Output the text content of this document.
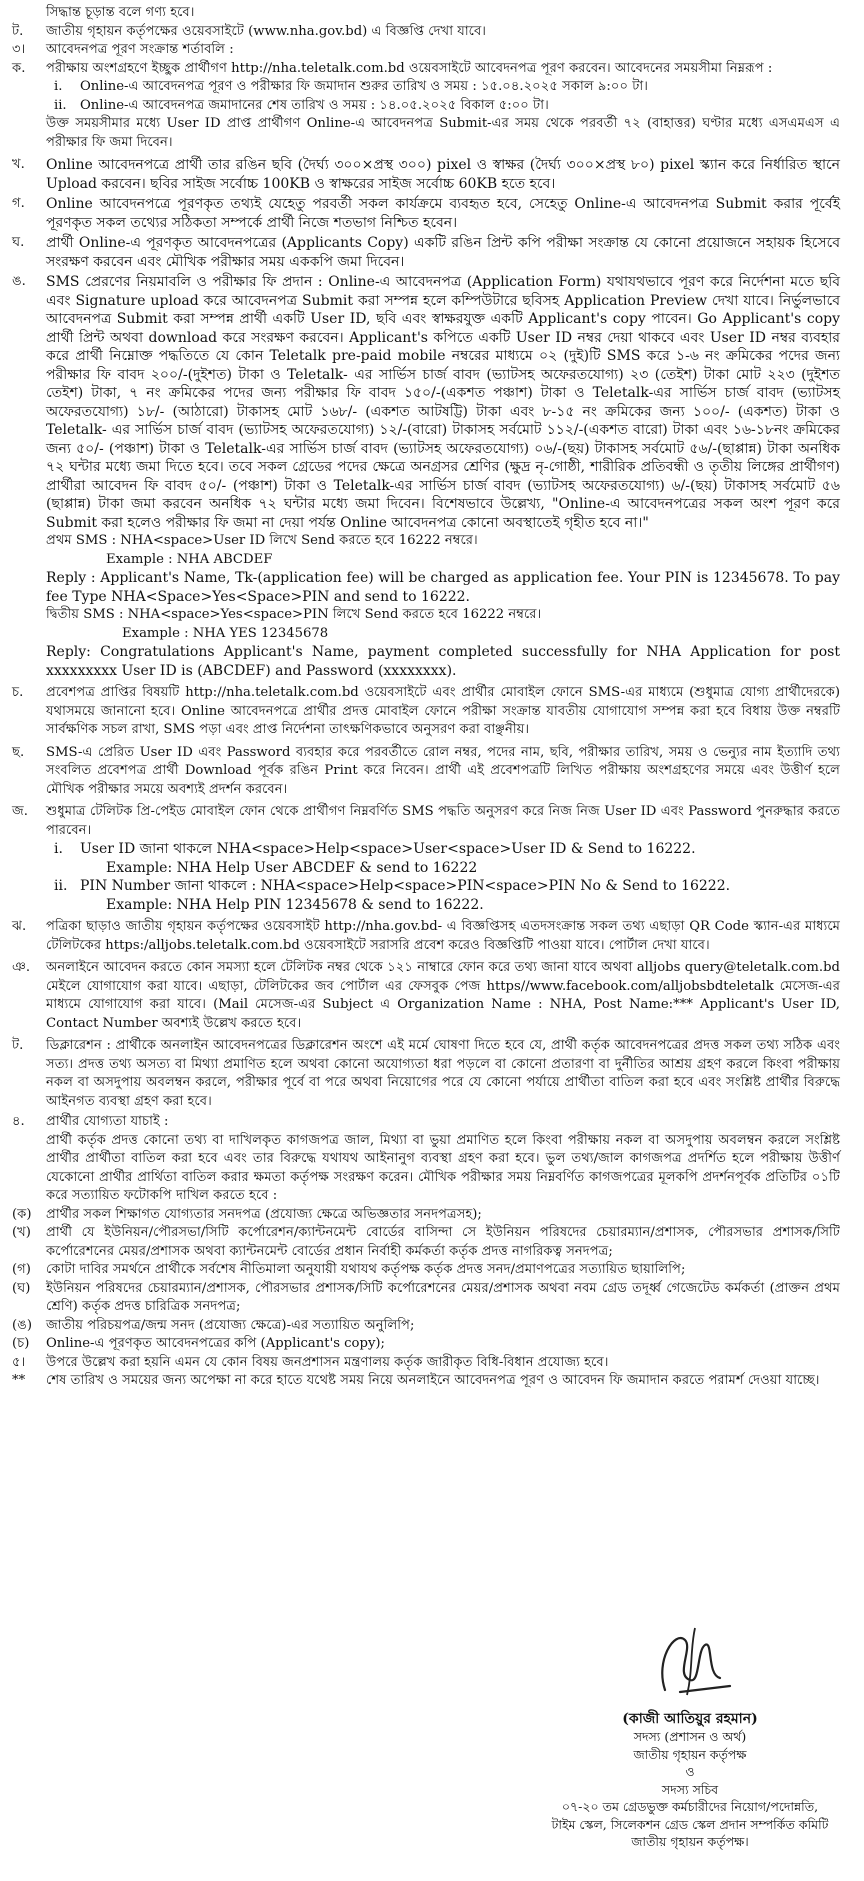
সিদ্ধান্ত চূড়ান্ত বলে গণ্য হবে।
ট.	জাতীয় গৃহায়ন কর্তৃপক্ষের ওয়েবসাইটে (www.nha.gov.bd) এ বিজ্ঞপ্তি দেখা যাবে।
৩।	আবেদনপত্র পূরণ সংক্রান্ত শর্তাবলি :
ক.	পরীক্ষায় অংশগ্রহণে ইচ্ছুক প্রার্থীগণ http://nha.teletalk.com.bd ওয়েবসাইটে আবেদনপত্র পূরণ করবেন। আবেদনের সময়সীমা নিম্নরূপ :
i.	Online-এ আবেদনপত্র পূরণ ও পরীক্ষার ফি জমাদান শুরুর তারিখ ও সময় : ১৫.০৪.২০২৫ সকাল ৯:০০ টা।
ii.	Online-এ আবেদনপত্র জমাদানের শেষ তারিখ ও সময় : ১৪.০৫.২০২৫ বিকাল ৫:০০ টা।
উক্ত সময়সীমার মধ্যে User ID প্রাপ্ত প্রার্থীগণ Online-এ আবেদনপত্র Submit-এর সময় থেকে পরবর্তী ৭২ (বাহাত্তর) ঘণ্টার মধ্যে এসএমএস এ পরীক্ষার ফি জমা দিবেন।
খ.	Online আবেদনপত্রে প্রার্থী তার রঙিন ছবি (দৈর্ঘ্য ৩০০×প্রস্থ ৩০০) pixel ও স্বাক্ষর (দৈর্ঘ্য ৩০০×প্রস্থ ৮০) pixel স্ক্যান করে নির্ধারিত স্থানে Upload করবেন। ছবির সাইজ সর্বোচ্চ 100KB ও স্বাক্ষরের সাইজ সর্বোচ্চ 60KB হতে হবে।
গ.	Online আবেদনপত্রে পূরণকৃত তথ্যই যেহেতু পরবর্তী সকল কার্যক্রমে ব্যবহৃত হবে, সেহেতু Online-এ আবেদনপত্র Submit করার পূর্বেই পূরণকৃত সকল তথ্যের সঠিকতা সম্পর্কে প্রার্থী নিজে শতভাগ নিশ্চিত হবেন।
ঘ.	প্রার্থী Online-এ পূরণকৃত আবেদনপত্রের (Applicants Copy) একটি রঙিন প্রিন্ট কপি পরীক্ষা সংক্রান্ত যে কোনো প্রয়োজনে সহায়ক হিসেবে সংরক্ষণ করবেন এবং মৌখিক পরীক্ষার সময় এককপি জমা দিবেন।
ঙ.	SMS প্রেরণের নিয়মাবলি ও পরীক্ষার ফি প্রদান : Online-এ আবেদনপত্র (Application Form) যথাযথভাবে পূরণ করে নির্দেশনা মতে ছবি এবং Signature upload করে আবেদনপত্র Submit করা সম্পন্ন হলে কম্পিউটারে ছবিসহ Application Preview দেখা যাবে। নির্ভুলভাবে আবেদনপত্র Submit করা সম্পন্ন প্রার্থী একটি User ID, ছবি এবং স্বাক্ষরযুক্ত একটি Applicant's copy পাবেন। Go Applicant's copy প্রার্থী প্রিন্ট অথবা download করে সংরক্ষণ করবেন। Applicant's কপিতে একটি User ID নম্বর দেয়া থাকবে এবং User ID নম্বর ব্যবহার করে প্রার্থী নিম্নোক্ত পদ্ধতিতে যে কোন Teletalk pre-paid mobile নম্বরের মাধ্যমে ০২ (দুই)টি SMS করে ১-৬ নং ক্রমিকের পদের জন্য পরীক্ষার ফি বাবদ ২০০/-(দুইশত) টাকা ও Teletalk- এর সার্ভিস চার্জ বাবদ (ভ্যাটসহ অফেরতযোগ্য) ২৩ (তেইশ) টাকা মোট ২২৩ (দুইশত তেইশ) টাকা, ৭ নং ক্রমিকের পদের জন্য পরীক্ষার ফি বাবদ ১৫০/-(একশত পঞ্চাশ) টাকা ও Teletalk-এর সার্ভিস চার্জ বাবদ (ভ্যাটসহ অফেরতযোগ্য) ১৮/- (আঠারো) টাকাসহ মোট ১৬৮/- (একশত আটষট্টি) টাকা এবং ৮-১৫ নং ক্রমিকের জন্য ১০০/- (একশত) টাকা ও Teletalk- এর সার্ভিস চার্জ বাবদ (ভ্যাটসহ অফেরতযোগ্য) ১২/-(বারো) টাকাসহ সর্বমোট ১১২/-(একশত বারো) টাকা এবং ১৬-১৮নং ক্রমিকের জন্য ৫০/- (পঞ্চাশ) টাকা ও Teletalk-এর সার্ভিস চার্জ বাবদ (ভ্যাটসহ অফেরতযোগ্য) ০৬/-(ছয়) টাকাসহ সর্বমোট ৫৬/-(ছাপ্পান্ন) টাকা অনধিক ৭২ ঘন্টার মধ্যে জমা দিতে হবে। তবে সকল গ্রেডের পদের ক্ষেত্রে অনগ্রসর শ্রেণির (ক্ষুদ্র নৃ-গোষ্ঠী, শারীরিক প্রতিবন্ধী ও তৃতীয় লিঙ্গের প্রার্থীগণ) প্রার্থীরা আবেদন ফি বাবদ ৫০/- (পঞ্চাশ) টাকা ও Teletalk-এর সার্ভিস চার্জ বাবদ (ভ্যাটসহ অফেরতযোগ্য) ৬/-(ছয়) টাকাসহ সর্বমোট ৫৬ (ছাপ্পান্ন) টাকা জমা করবেন অনধিক ৭২ ঘন্টার মধ্যে জমা দিবেন। বিশেষভাবে উল্লেখ্য, "Online-এ আবেদনপত্রের সকল অংশ পূরণ করে Submit করা হলেও পরীক্ষার ফি জমা না দেয়া পর্যন্ত Online আবেদনপত্র কোনো অবস্থাতেই গৃহীত হবে না।"
প্রথম SMS : NHA<space>User ID লিখে Send করতে হবে 16222 নম্বরে।
Example : NHA ABCDEF
Reply : Applicant's Name, Tk-(application fee) will be charged as application fee. Your PIN is 12345678. To pay fee Type NHA<Space>Yes<Space>PIN and send to 16222.
দ্বিতীয় SMS : NHA<space>Yes<space>PIN লিখে Send করতে হবে 16222 নম্বরে।
Example : NHA YES 12345678
Reply: Congratulations Applicant's Name, payment completed successfully for NHA Application for post xxxxxxxxx User ID is (ABCDEF) and Password (xxxxxxxx).
চ.	প্রবেশপত্র প্রাপ্তির বিষয়টি http://nha.teletalk.com.bd ওয়েবসাইটে এবং প্রার্থীর মোবাইল ফোনে SMS-এর মাধ্যমে (শুধুমাত্র যোগ্য প্রার্থীদেরকে) যথাসময়ে জানানো হবে। Online আবেদনপত্রে প্রার্থীর প্রদত্ত মোবাইল ফোনে পরীক্ষা সংক্রান্ত যাবতীয় যোগাযোগ সম্পন্ন করা হবে বিধায় উক্ত নম্বরটি সার্বক্ষণিক সচল রাখা, SMS পড়া এবং প্রাপ্ত নির্দেশনা তাৎক্ষণিকভাবে অনুসরণ করা বাঞ্ছনীয়।
ছ.	SMS-এ প্রেরিত User ID এবং Password ব্যবহার করে পরবর্তীতে রোল নম্বর, পদের নাম, ছবি, পরীক্ষার তারিখ, সময় ও ভেন্যুর নাম ইত্যাদি তথ্য সংবলিত প্রবেশপত্র প্রার্থী Download পূর্বক রঙিন Print করে নিবেন। প্রার্থী এই প্রবেশপত্রটি লিখিত পরীক্ষায় অংশগ্রহণের সময়ে এবং উত্তীর্ণ হলে মৌখিক পরীক্ষার সময়ে অবশ্যই প্রদর্শন করবেন।
জ.	শুধুমাত্র টেলিটক প্রি-পেইড মোবাইল ফোন থেকে প্রার্থীগণ নিম্নবর্ণিত SMS পদ্ধতি অনুসরণ করে নিজ নিজ User ID এবং Password পুনরুদ্ধার করতে পারবেন।
i.	User ID জানা থাকলে NHA<space>Help<space>User<space>User ID & Send to 16222.
Example: NHA Help User ABCDEF & send to 16222
ii. PIN Number জানা থাকলে : NHA<space>Help<space>PIN<space>PIN No & Send to 16222.
Example: NHA Help PIN 12345678 & send to 16222.
ঝ.	পত্রিকা ছাড়াও জাতীয় গৃহায়ন কর্তৃপক্ষের ওয়েবসাইট http://nha.gov.bd- এ বিজ্ঞপ্তিসহ এতদসংক্রান্ত সকল তথ্য এছাড়া QR Code স্ক্যান-এর মাধ্যমে টেলিটকের https:/alljobs.teletalk.com.bd ওয়েবসাইটে সরাসরি প্রবেশ করেও বিজ্ঞপ্তিটি পাওয়া যাবে। পোর্টাল দেখা যাবে।
ঞ.	অনলাইনে আবেদন করতে কোন সমস্যা হলে টেলিটক নম্বর থেকে ১২১ নাম্বারে ফোন করে তথ্য জানা যাবে অথবা alljobs query@teletalk.com.bd মেইলে যোগাযোগ করা যাবে। এছাড়া, টেলিটকের জব পোর্টাল এর ফেসবুক পেজ https//www.facebook.com/alljobsbdteletalk মেসেজ-এর মাধ্যমে যোগাযোগ করা যাবে। (Mail মেসেজ-এর Subject এ Organization Name : NHA, Post Name:*** Applicant's User ID, Contact Number অবশ্যই উল্লেখ করতে হবে।
ট.	ডিক্লারেশন : প্রার্থীকে অনলাইন আবেদনপত্রের ডিক্লারেশন অংশে এই মর্মে ঘোষণা দিতে হবে যে, প্রার্থী কর্তৃক আবেদনপত্রের প্রদত্ত সকল তথ্য সঠিক এবং সত্য। প্রদত্ত তথ্য অসত্য বা মিথ্যা প্রমাণিত হলে অথবা কোনো অযোগ্যতা ধরা পড়লে বা কোনো প্রতারণা বা দুর্নীতির আশ্রয় গ্রহণ করলে কিংবা পরীক্ষায় নকল বা অসদুপায় অবলম্বন করলে, পরীক্ষার পূর্বে বা পরে অথবা নিয়োগের পরে যে কোনো পর্যায়ে প্রার্থীতা বাতিল করা হবে এবং সংশ্লিষ্ট প্রার্থীর বিরুদ্ধে আইনগত ব্যবস্থা গ্রহণ করা হবে।
৪.	প্রার্থীর যোগ্যতা যাচাই :
প্রার্থী কর্তৃক প্রদত্ত কোনো তথ্য বা দাখিলকৃত কাগজপত্র জাল, মিথ্যা বা ভুয়া প্রমাণিত হলে কিংবা পরীক্ষায় নকল বা অসদুপায় অবলম্বন করলে সংশ্লিষ্ট প্রার্থীর প্রার্থীতা বাতিল করা হবে এবং তার বিরুদ্ধে যথাযথ আইনানুগ ব্যবস্থা গ্রহণ করা হবে। ভুল তথ্য/জাল কাগজপত্র প্রদর্শিত হলে পরীক্ষায় উত্তীর্ণ যেকোনো প্রার্থীর প্রার্থিতা বাতিল করার ক্ষমতা কর্তৃপক্ষ সংরক্ষণ করেন। মৌখিক পরীক্ষার সময় নিম্নবর্ণিত কাগজপত্রের মূলকপি প্রদর্শনপূর্বক প্রতিটির ০১টি করে সত্যায়িত ফটোকপি দাখিল করতে হবে :
(ক)	প্রার্থীর সকল শিক্ষাগত যোগ্যতার সনদপত্র (প্রযোজ্য ক্ষেত্রে অভিজ্ঞতার সনদপত্রসহ);
(খ)	প্রার্থী যে ইউনিয়ন/পৌরসভা/সিটি কর্পোরেশন/ক্যান্টনমেন্ট বোর্ডের বাসিন্দা সে ইউনিয়ন পরিষদের চেয়ারম্যান/প্রশাসক, পৌরসভার প্রশাসক/সিটি কর্পোরেশনের মেয়র/প্রশাসক অথবা ক্যান্টনমেন্ট বোর্ডের প্রধান নির্বাহী কর্মকর্তা কর্তৃক প্রদত্ত নাগরিকত্ব সনদপত্র;
(গ)	কোটা দাবির সমর্থনে প্রার্থীকে সর্বশেষ নীতিমালা অনুযায়ী যথাযথ কর্তৃপক্ষ কর্তৃক প্রদত্ত সনদ/প্রমাণপত্রের সত্যায়িত ছায়ালিপি;
(ঘ)	ইউনিয়ন পরিষদের চেয়ারম্যান/প্রশাসক, পৌরসভার প্রশাসক/সিটি কর্পোরেশনের মেয়র/প্রশাসক অথবা নবম গ্রেড তদূর্ধ্ব গেজেটেড কর্মকর্তা (প্রাক্তন প্রথম শ্রেণি) কর্তৃক প্রদত্ত চারিত্রিক সনদপত্র;
(ঙ)	জাতীয় পরিচয়পত্র/জন্ম সনদ (প্রযোজ্য ক্ষেত্রে)-এর সত্যায়িত অনুলিপি;
(চ)	Online-এ পূরণকৃত আবেদনপত্রের কপি (Applicant's copy);
৫।	উপরে উল্লেখ করা হয়নি এমন যে কোন বিষয় জনপ্রশাসন মন্ত্রণালয় কর্তৃক জারীকৃত বিধি-বিধান প্রযোজ্য হবে।
**	শেষ তারিখ ও সময়ের জন্য অপেক্ষা না করে হাতে যথেষ্ট সময় নিয়ে অনলাইনে আবেদনপত্র পূরণ ও আবেদন ফি জমাদান করতে পরামর্শ দেওয়া যাচ্ছে।
(কাজী আতিয়ুর রহমান)
সদস্য (প্রশাসন ও অর্থ)
জাতীয় গৃহায়ন কর্তৃপক্ষ
ও
সদস্য সচিব
০৭-২০ তম গ্রেডভুক্ত কর্মচারীদের নিয়োগ/পদোন্নতি,
টাইম স্কেল, সিলেকশন গ্রেড স্কেল প্রদান সম্পর্কিত কমিটি
জাতীয় গৃহায়ন কর্তৃপক্ষ।
